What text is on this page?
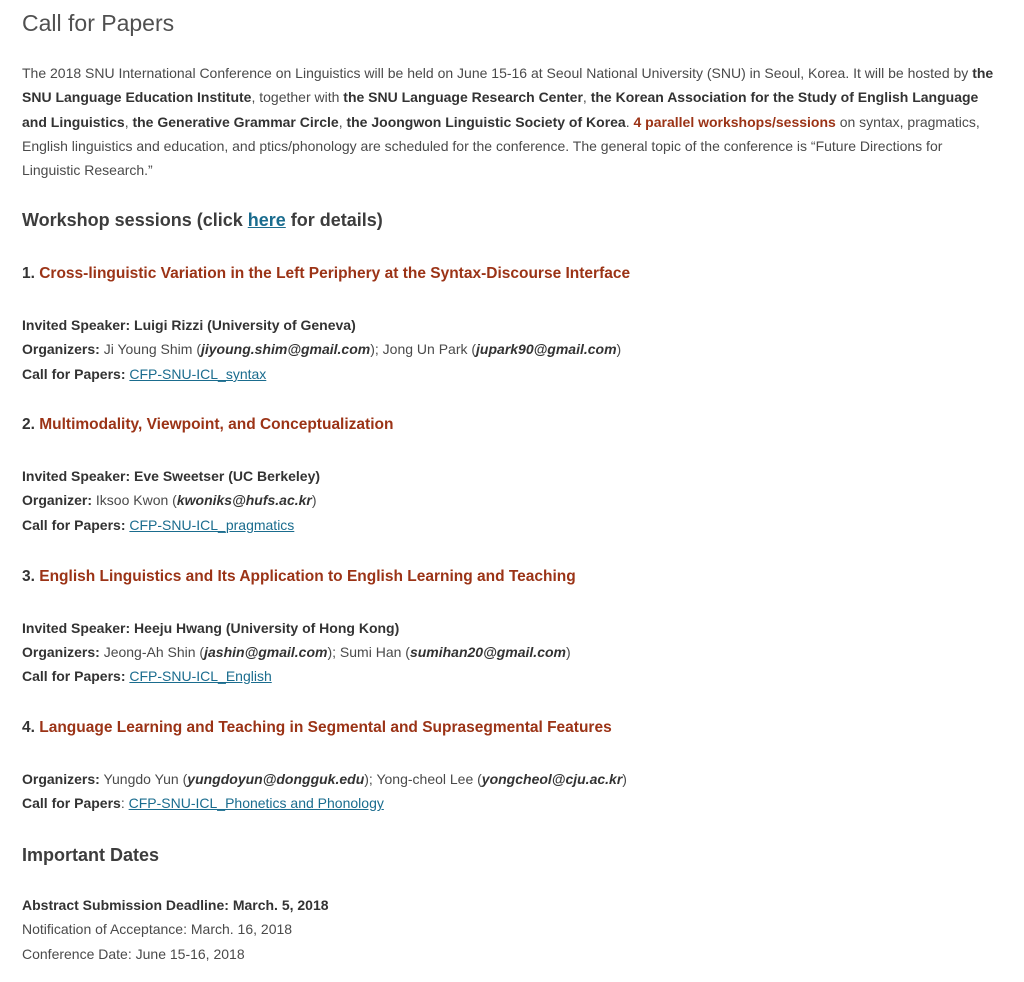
Call for Papers

The 2018 SNU International Conference on Linguistics will be held on June 15-16 at Seoul National University (SNU) in Seoul, Korea. It will be hosted by the SNU Language Education Institute, together with the SNU Language Research Center, the Korean Association for the Study of English Language and Linguistics, the Generative Grammar Circle, the Joongwon Linguistic Society of Korea. 4 parallel workshops/sessions on syntax, pragmatics, English linguistics and education, and ptics/phonology are scheduled for the conference. The general topic of the conference is “Future Directions for Linguistic Research.”

Workshop sessions (click here for details)
1. Cross-linguistic Variation in the Left Periphery at the Syntax-Discourse Interface
Invited Speaker: Luigi Rizzi (University of Geneva)
Organizers: Ji Young Shim (jiyoung.shim@gmail.com); Jong Un Park (jupark90@gmail.com)
Call for Papers: CFP-SNU-ICL_syntax
2. Multimodality, Viewpoint, and Conceptualization
Invited Speaker: Eve Sweetser (UC Berkeley)
Organizer: Iksoo Kwon (kwoniks@hufs.ac.kr)
Call for Papers: CFP-SNU-ICL_pragmatics
3. English Linguistics and Its Application to English Learning and Teaching
Invited Speaker: Heeju Hwang (University of Hong Kong)
Organizers: Jeong-Ah Shin (jashin@gmail.com); Sumi Han (sumihan20@gmail.com)
Call for Papers: CFP-SNU-ICL_English
4. Language Learning and Teaching in Segmental and Suprasegmental Features
Organizers: Yungdo Yun (yungdoyun@dongguk.edu); Yong-cheol Lee (yongcheol@cju.ac.kr)
Call for Papers: CFP-SNU-ICL_Phonetics and Phonology
Important Dates
Abstract Submission Deadline: March. 5, 2018
Notification of Acceptance: March. 16, 2018
Conference Date: June 15-16, 2018
